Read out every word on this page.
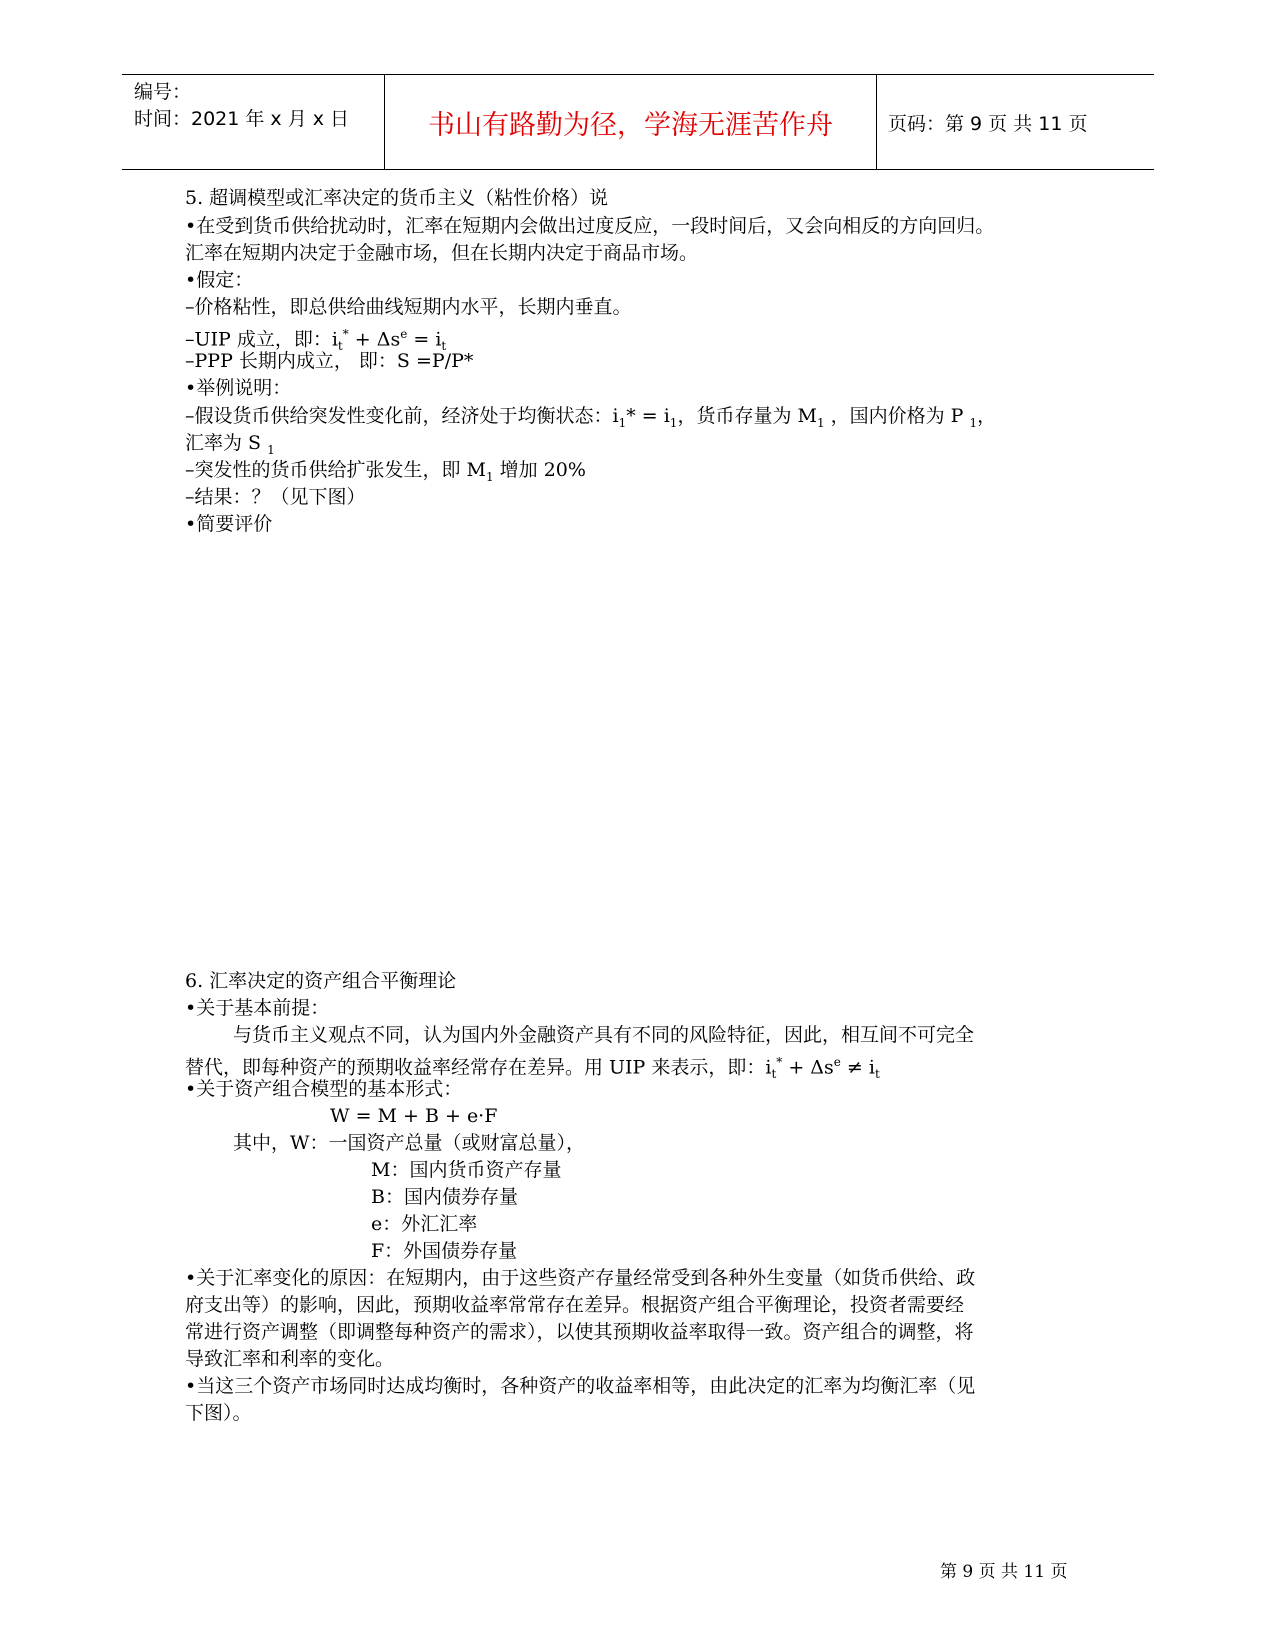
编号：
时间：2021 年 x 月 x 日	书山有路勤为径，学海无涯苦作舟	页码：第 9 页 共 11 页
5. 超调模型或汇率决定的货币主义（粘性价格）说
•在受到货币供给扰动时，汇率在短期内会做出过度反应，一段时间后，又会向相反的方向回归。
汇率在短期内决定于金融市场，但在长期内决定于商品市场。
•假定：
–价格粘性，即总供给曲线短期内水平，长期内垂直。
–UIP 成立，即：$i_t^* + \Delta s^e = i_t$
–PPP 长期内成立， 即：S =P/P*
•举例说明：
–假设货币供给突发性变化前，经济处于均衡状态：$i_1* = i_1$，货币存量为 $M_1$ ，国内价格为 P $_1$，
汇率为 S $_1$
–突发性的货币供给扩张发生，即 $M_1$ 增加 20%
–结果：？（见下图）
•简要评价
6. 汇率决定的资产组合平衡理论
•关于基本前提：
与货币主义观点不同，认为国内外金融资产具有不同的风险特征，因此，相互间不可完全
替代，即每种资产的预期收益率经常存在差异。用 UIP 来表示，即：$i_t^* + \Delta s^e \ne i_t$
•关于资产组合模型的基本形式：
W = M + B + e·F
其中，W：一国资产总量（或财富总量），
M：国内货币资产存量
B：国内债券存量
e：外汇汇率
F：外国债券存量
•关于汇率变化的原因：在短期内，由于这些资产存量经常受到各种外生变量（如货币供给、政
府支出等）的影响，因此，预期收益率常常存在差异。根据资产组合平衡理论，投资者需要经
常进行资产调整（即调整每种资产的需求），以使其预期收益率取得一致。资产组合的调整，将
导致汇率和利率的变化。
•当这三个资产市场同时达成均衡时，各种资产的收益率相等，由此决定的汇率为均衡汇率（见
下图）。
第 9 页 共 11 页
